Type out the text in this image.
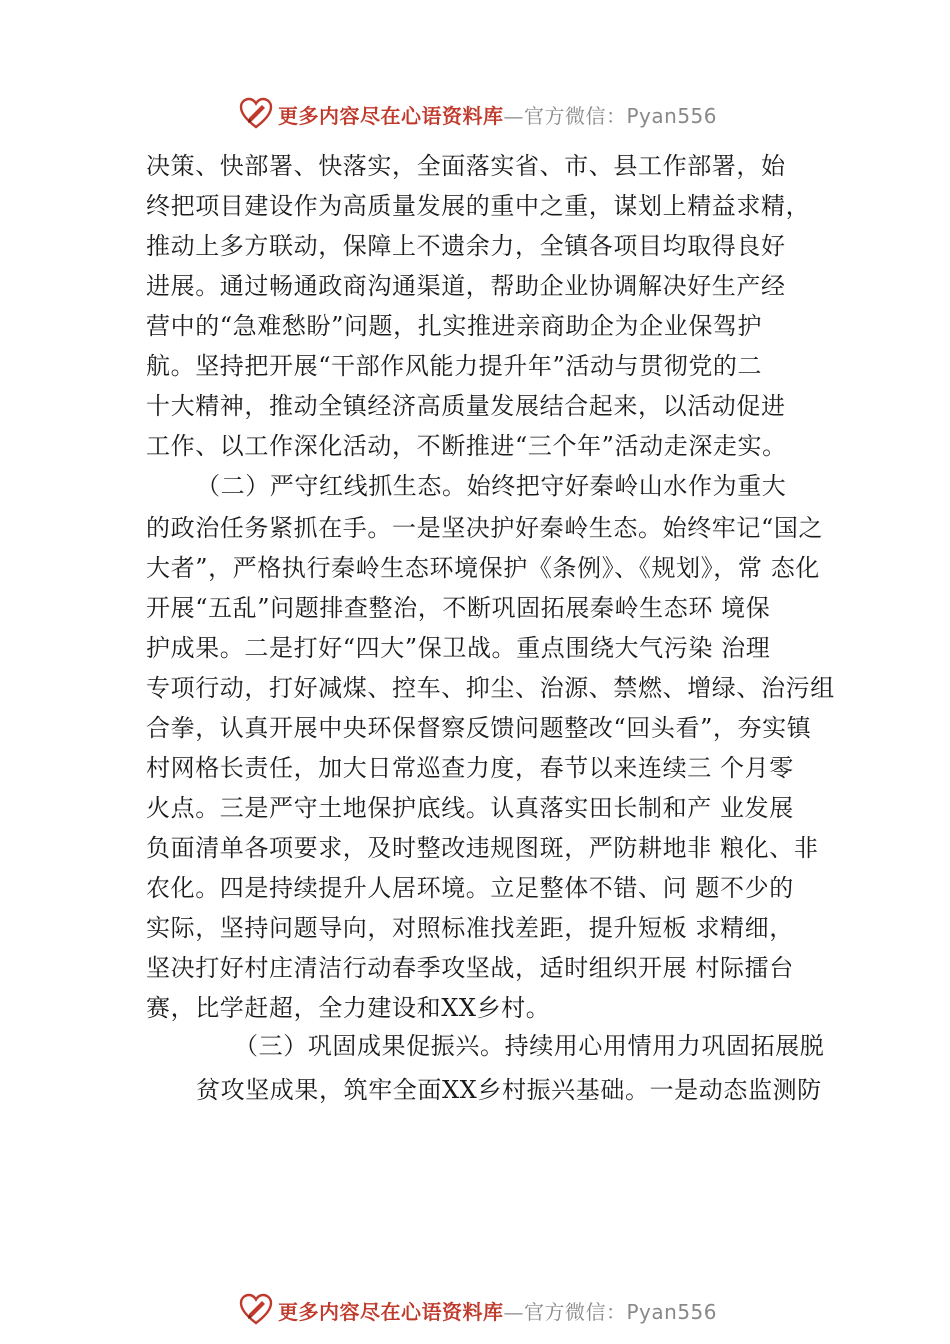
更多内容尽在心语资料库—官方微信：Pyan556
决策、快部署、快落实，全面落实省、市、县工作部署，始
终把项目建设作为高质量发展的重中之重，谋划上精益求精，
推动上多方联动，保障上不遗余力，全镇各项目均取得良好
进展。通过畅通政商沟通渠道，帮助企业协调解决好生产经
营中的“急难愁盼”问题，扎实推进亲商助企为企业保驾护
航。坚持把开展“干部作风能力提升年”活动与贯彻党的二
十大精神，推动全镇经济高质量发展结合起来，以活动促进
工作、以工作深化活动，不断推进“三个年”活动走深走实。
（二）严守红线抓生态。始终把守好秦岭山水作为重大
的政治任务紧抓在手。一是坚决护好秦岭生态。始终牢记“国之
大者”，严格执行秦岭生态环境保护《条例》、《规划》，常 态化
开展“五乱”问题排查整治，不断巩固拓展秦岭生态环 境保
护成果。二是打好“四大”保卫战。重点围绕大气污染 治理
专项行动，打好减煤、控车、抑尘、治源、禁燃、增绿、治污组
合拳，认真开展中央环保督察反馈问题整改“回头看”，夯实镇
村网格长责任，加大日常巡查力度，春节以来连续三 个月零
火点。三是严守土地保护底线。认真落实田长制和产 业发展
负面清单各项要求，及时整改违规图斑，严防耕地非 粮化、非
农化。四是持续提升人居环境。立足整体不错、问 题不少的
实际，坚持问题导向，对照标准找差距，提升短板 求精细，
坚决打好村庄清洁行动春季攻坚战，适时组织开展 村际擂台
赛，比学赶超，全力建设和XX乡村。
（三）巩固成果促振兴。持续用心用情用力巩固拓展脱
贫攻坚成果，筑牢全面XX乡村振兴基础。一是动态监测防
更多内容尽在心语资料库—官方微信：Pyan556
